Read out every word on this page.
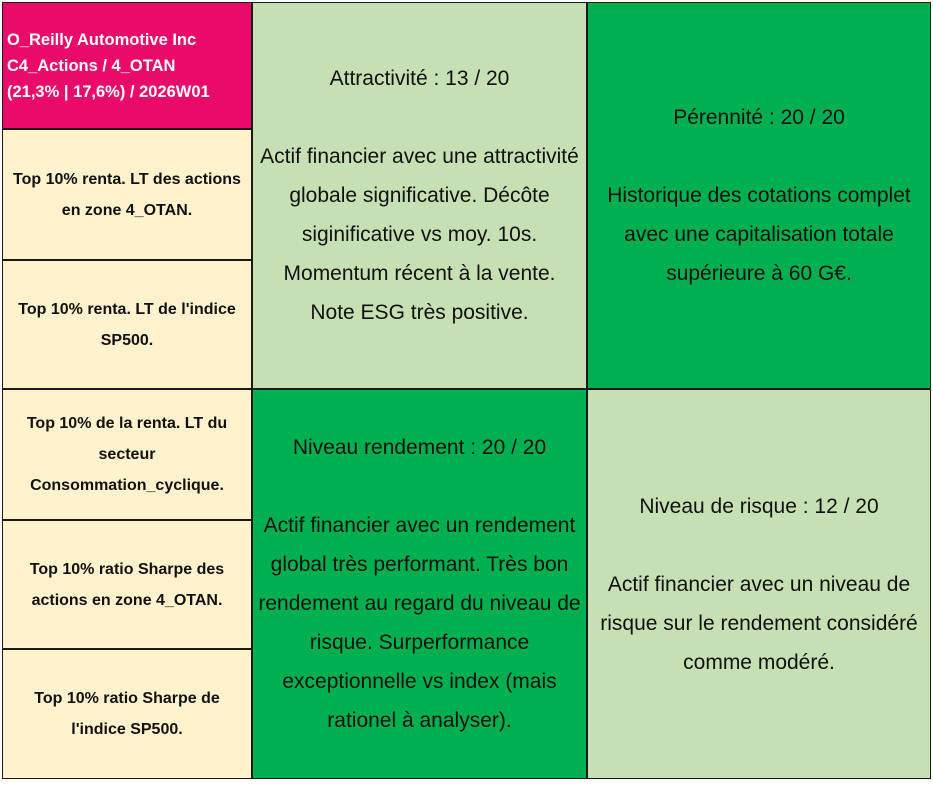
O_Reilly Automotive Inc
C4_Actions / 4_OTAN
(21,3% | 17,6%) / 2026W01
Top 10% renta. LT des actions en zone 4_OTAN.
Top 10% renta. LT de l'indice SP500.
Top 10% de la renta. LT du secteur Consommation_cyclique.
Top 10% ratio Sharpe des actions en zone 4_OTAN.
Top 10% ratio Sharpe de l'indice SP500.
Attractivité : 13 / 20
Actif financier avec une attractivité globale significative. Décôte siginificative vs moy. 10s. Momentum récent à la vente. Note ESG très positive.
Pérennité : 20 / 20
Historique des cotations complet avec une capitalisation totale supérieure à 60 G€.
Niveau rendement : 20 / 20
Actif financier avec un rendement global très performant. Très bon rendement au regard du niveau de risque. Surperformance exceptionnelle vs index (mais rationel à analyser).
Niveau de risque : 12 / 20
Actif financier avec un niveau de risque sur le rendement considéré comme modéré.
